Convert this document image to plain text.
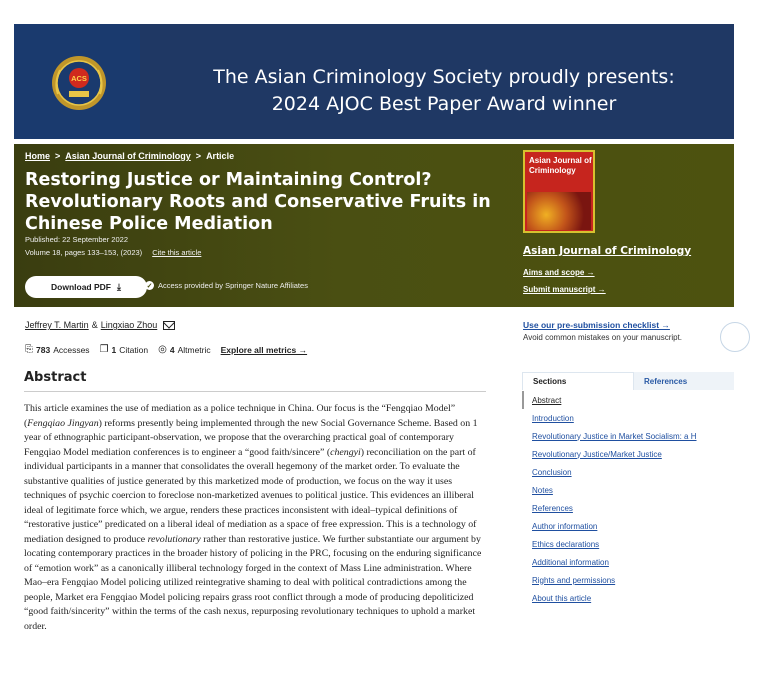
ACS	The Asian Criminology Society proudly presents:
2024 AJOC Best Paper Award winner
Home > Asian Journal of Criminology > Article
Restoring Justice or Maintaining Control? Revolutionary Roots and Conservative Fruits in Chinese Police Mediation
Published: 22 September 2022
Volume 18, pages 133–153, (2023) Cite this article
Download PDF ⤓	✓ Access provided by Springer Nature Affiliates
Asian Journal of Criminology
Asian Journal of Criminology
Aims and scope →
Submit manuscript →
Jeffrey T. Martin & Lingxiao Zhou
⎘ 783 Accesses ❐ 1 Citation ◎ 4 Altmetric Explore all metrics →
Abstract

This article examines the use of mediation as a police technique in China. Our focus is the “Fengqiao Model” (Fengqiao Jingyan) reforms presently being implemented through the new Social Governance Scheme. Based on 1 year of ethnographic participant-observation, we propose that the overarching practical goal of contemporary Fengqiao Model mediation conferences is to engineer a “good faith/sincere” (chengyi) reconciliation on the part of individual participants in a manner that consolidates the overall hegemony of the market order. To evaluate the substantive qualities of justice generated by this marketized mode of production, we focus on the way it uses techniques of psychic coercion to foreclose non-marketized avenues to political justice. This evidences an illiberal ideal of legitimate force which, we argue, renders these practices inconsistent with ideal–typical definitions of “restorative justice” predicated on a liberal ideal of mediation as a space of free expression. This is a technology of mediation designed to produce revolutionary rather than restorative justice. We further substantiate our argument by locating contemporary practices in the broader history of policing in the PRC, focusing on the enduring significance of “emotion work” as a canonically illiberal technology forged in the context of Mass Line administration. Where Mao–era Fengqiao Model policing utilized reintegrative shaming to deal with political contradictions among the people, Market era Fengqiao Model policing repairs grass root conflict through a mode of producing depoliticized “good faith/sincerity” within the terms of the cash nexus, repurposing revolutionary techniques to uphold a market order.

Use our pre-submission checklist →
Avoid common mistakes on your manuscript.
Sections	References
Abstract
Introduction
Revolutionary Justice in Market Socialism: a H
Revolutionary Justice/Market Justice
Conclusion
Notes
References
Author information
Ethics declarations
Additional information
Rights and permissions
About this article
